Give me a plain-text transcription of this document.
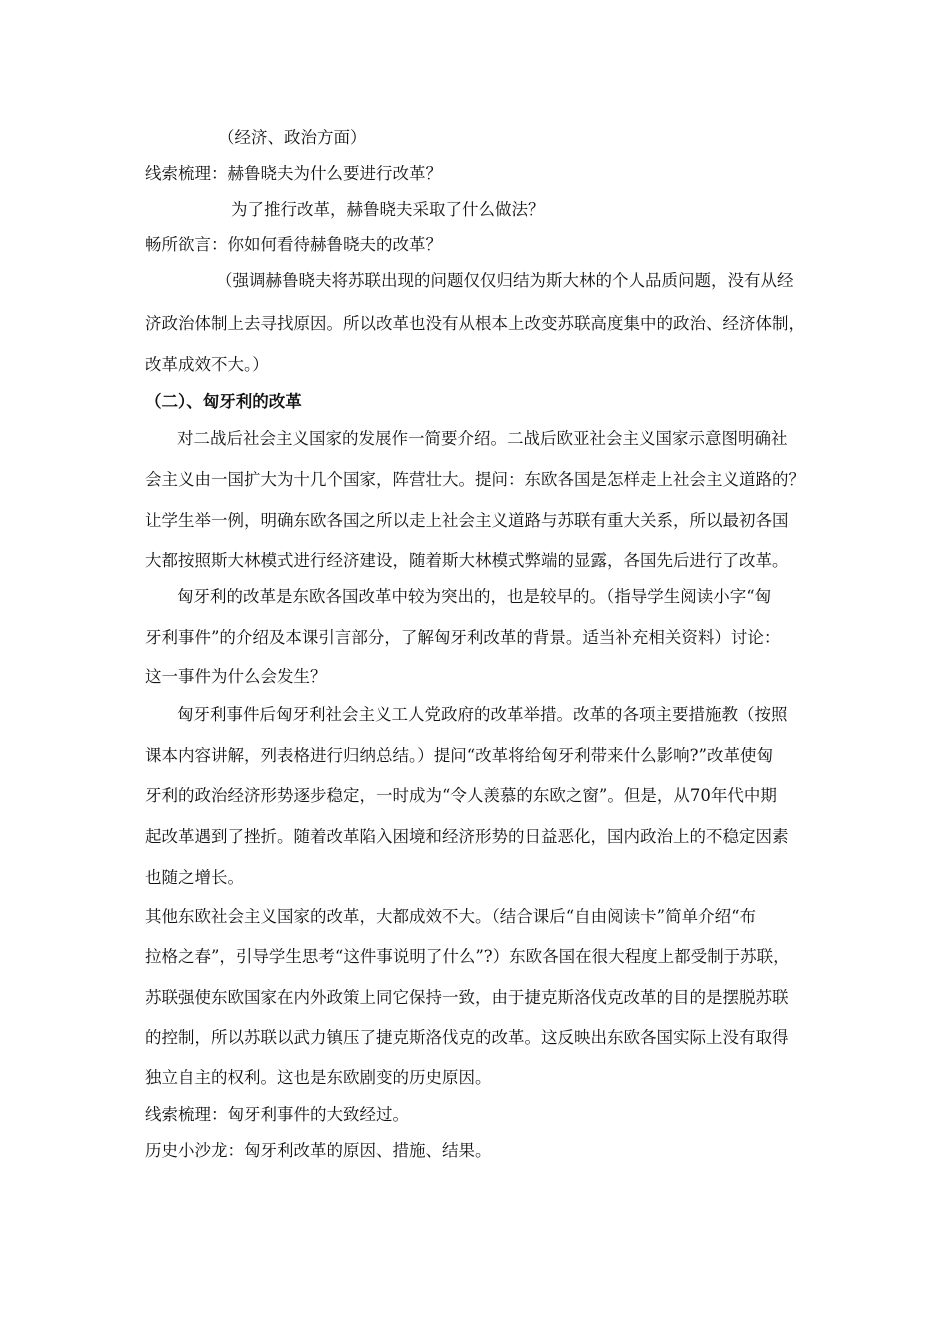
（经济、政治方面）
线索梳理：赫鲁晓夫为什么要进行改革？
为了推行改革，赫鲁晓夫采取了什么做法？
畅所欲言：你如何看待赫鲁晓夫的改革？
（强调赫鲁晓夫将苏联出现的问题仅仅归结为斯大林的个人品质问题，没有从经
济政治体制上去寻找原因。所以改革也没有从根本上改变苏联高度集中的政治、经济体制，
改革成效不大。）
（二）、匈牙利的改革
对二战后社会主义国家的发展作一简要介绍。二战后欧亚社会主义国家示意图明确社
会主义由一国扩大为十几个国家，阵营壮大。提问：东欧各国是怎样走上社会主义道路的？
让学生举一例，明确东欧各国之所以走上社会主义道路与苏联有重大关系，所以最初各国
大都按照斯大林模式进行经济建设，随着斯大林模式弊端的显露，各国先后进行了改革。
匈牙利的改革是东欧各国改革中较为突出的，也是较早的。（指导学生阅读小字“匈
牙利事件”的介绍及本课引言部分，了解匈牙利改革的背景。适当补充相关资料）讨论：
这一事件为什么会发生？
匈牙利事件后匈牙利社会主义工人党政府的改革举措。改革的各项主要措施教（按照
课本内容讲解，列表格进行归纳总结。）提问“改革将给匈牙利带来什么影响?”改革使匈
牙利的政治经济形势逐步稳定，一时成为“令人羡慕的东欧之窗”。但是，从70年代中期
起改革遇到了挫折。随着改革陷入困境和经济形势的日益恶化，国内政治上的不稳定因素
也随之增长。
其他东欧社会主义国家的改革，大都成效不大。（结合课后“自由阅读卡”简单介绍“布
拉格之春”，引导学生思考“这件事说明了什么”?）东欧各国在很大程度上都受制于苏联，
苏联强使东欧国家在内外政策上同它保持一致，由于捷克斯洛伐克改革的目的是摆脱苏联
的控制，所以苏联以武力镇压了捷克斯洛伐克的改革。这反映出东欧各国实际上没有取得
独立自主的权利。这也是东欧剧变的历史原因。
线索梳理：匈牙利事件的大致经过。
历史小沙龙：匈牙利改革的原因、措施、结果。
